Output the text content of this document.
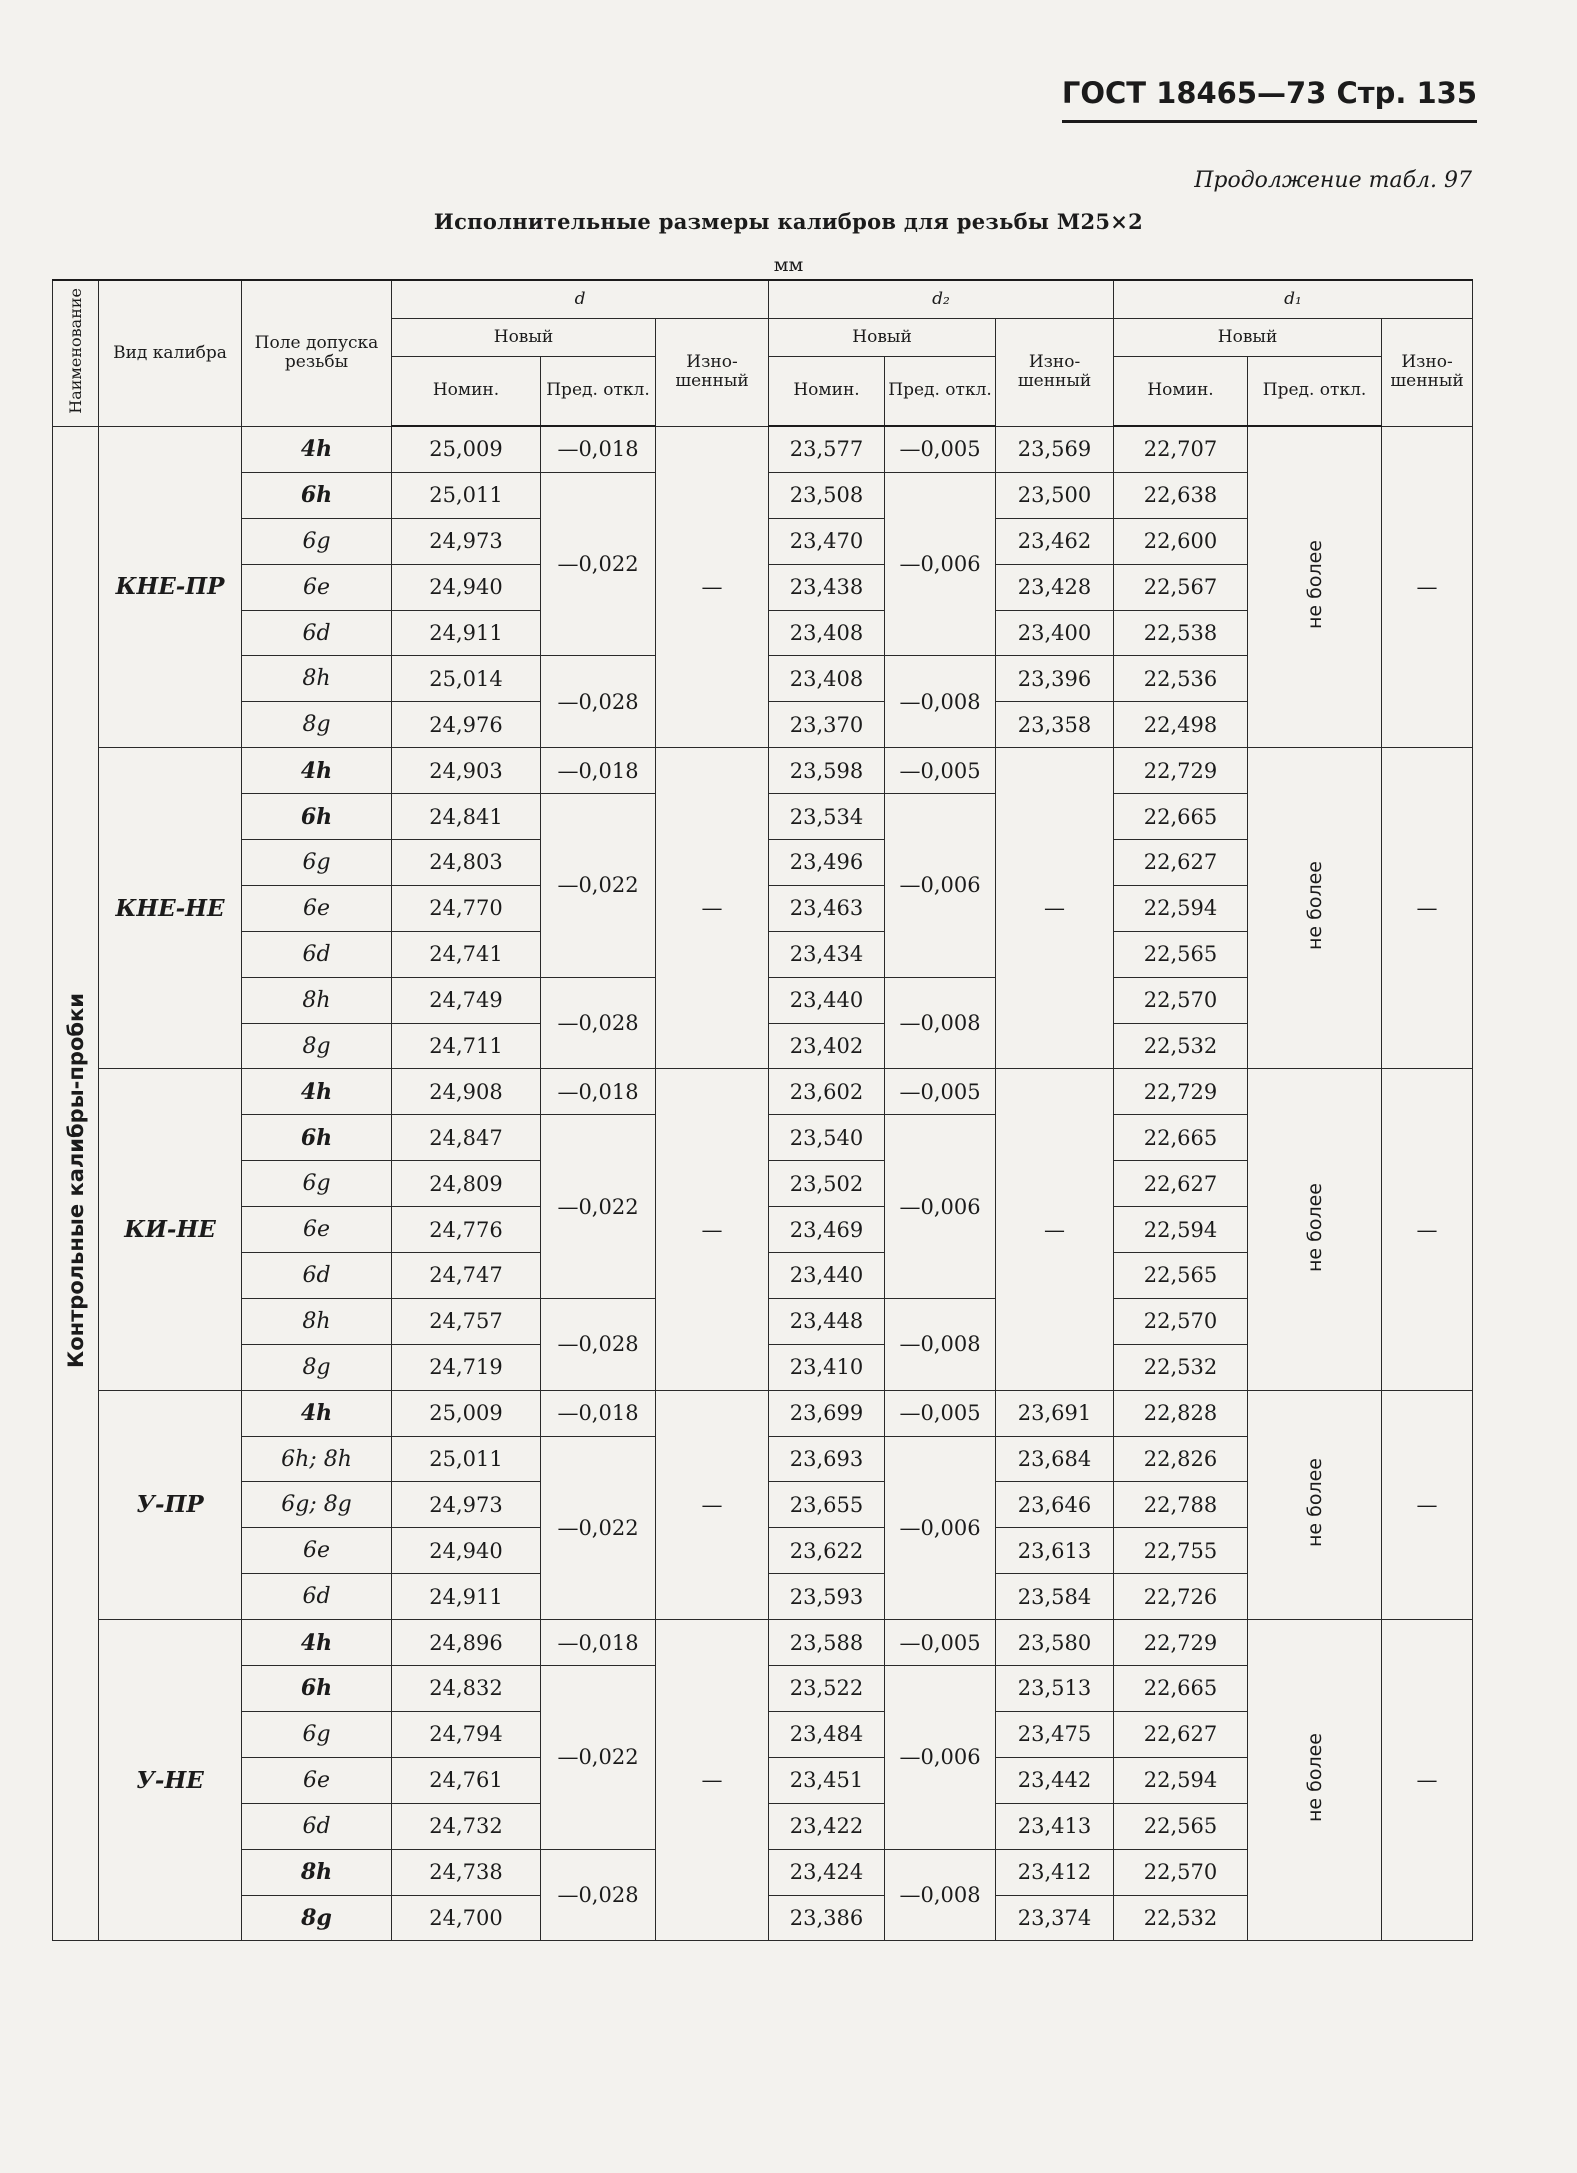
ГОСТ 18465—73 Стр. 135
Продолжение табл. 97
Исполнительные размеры калибров для резьбы М25×2
мм
Наименование	Вид калибра	Поле допуска резьбы	d			d₂			d₁		
			Новый		Изно- шенный	Новый		Изно- шенный	Новый		Изно- шенный
			Номин.	Пред. откл.		Номин.	Пред. откл.		Номин.	Пред. откл.	
Контрольные калибры-пробки	КНЕ-ПР	4h	25,009	—0,018	—	23,577	—0,005	23,569	22,707	не более	—
		6h	25,011	—0,022		23,508	—0,006	23,500	22,638		
		6g	24,973			23,470		23,462	22,600		
		6e	24,940			23,438		23,428	22,567		
		6d	24,911			23,408		23,400	22,538		
		8h	25,014	—0,028		23,408	—0,008	23,396	22,536		
		8g	24,976			23,370		23,358	22,498		
	КНЕ-НЕ	4h	24,903	—0,018	—	23,598	—0,005	—	22,729	не более	—
		6h	24,841	—0,022		23,534	—0,006		22,665		
		6g	24,803			23,496			22,627		
		6e	24,770			23,463			22,594		
		6d	24,741			23,434			22,565		
		8h	24,749	—0,028		23,440	—0,008		22,570		
		8g	24,711			23,402			22,532		
	КИ-НЕ	4h	24,908	—0,018	—	23,602	—0,005	—	22,729	не более	—
		6h	24,847	—0,022		23,540	—0,006		22,665		
		6g	24,809			23,502			22,627		
		6e	24,776			23,469			22,594		
		6d	24,747			23,440			22,565		
		8h	24,757	—0,028		23,448	—0,008		22,570		
		8g	24,719			23,410			22,532		
	У-ПР	4h	25,009	—0,018	—	23,699	—0,005	23,691	22,828	не более	—
		6h; 8h	25,011	—0,022		23,693	—0,006	23,684	22,826		
		6g; 8g	24,973			23,655		23,646	22,788		
		6e	24,940			23,622		23,613	22,755		
		6d	24,911			23,593		23,584	22,726		
	У-НЕ	4h	24,896	—0,018	—	23,588	—0,005	23,580	22,729	не более	—
		6h	24,832	—0,022		23,522	—0,006	23,513	22,665		
		6g	24,794			23,484		23,475	22,627		
		6e	24,761			23,451		23,442	22,594		
		6d	24,732			23,422		23,413	22,565		
		8h	24,738	—0,028		23,424	—0,008	23,412	22,570		
		8g	24,700			23,386		23,374	22,532		
